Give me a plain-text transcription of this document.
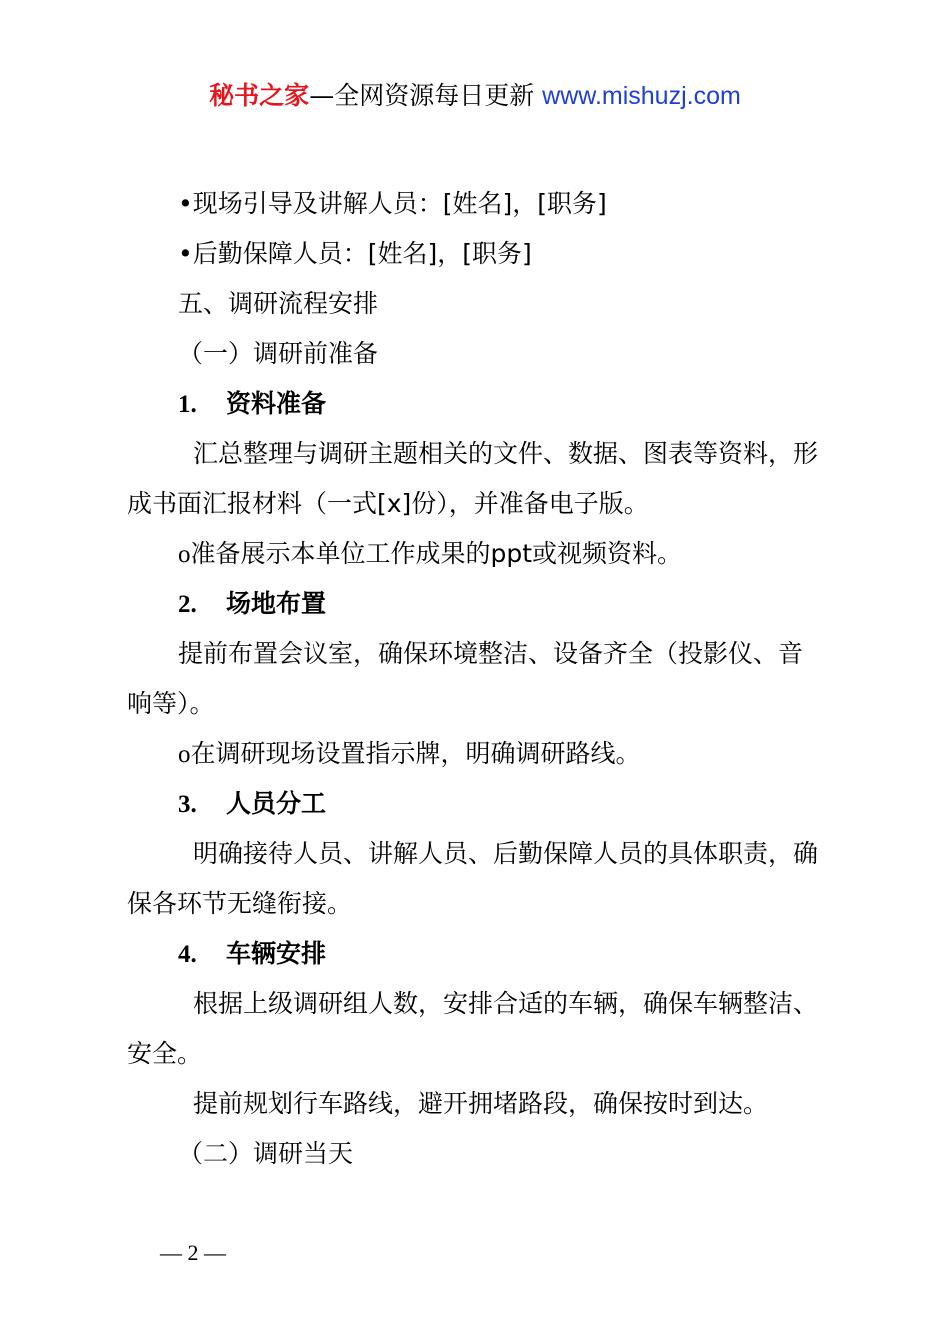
秘书之家—全网资源每日更新 www.mishuzj.com
•现场引导及讲解人员：[姓名]，[职务]
•后勤保障人员：[姓名]，[职务]
五、调研流程安排
（一）调研前准备
1. 资料准备
汇总整理与调研主题相关的文件、数据、图表等资料，形
成书面汇报材料（一式[x]份），并准备电子版。
o准备展示本单位工作成果的ppt或视频资料。
2. 场地布置
提前布置会议室，确保环境整洁、设备齐全（投影仪、音
响等）。
o在调研现场设置指示牌，明确调研路线。
3. 人员分工
明确接待人员、讲解人员、后勤保障人员的具体职责，确
保各环节无缝衔接。
4. 车辆安排
根据上级调研组人数，安排合适的车辆，确保车辆整洁、
安全。
提前规划行车路线，避开拥堵路段，确保按时到达。
（二）调研当天
— 2 —
